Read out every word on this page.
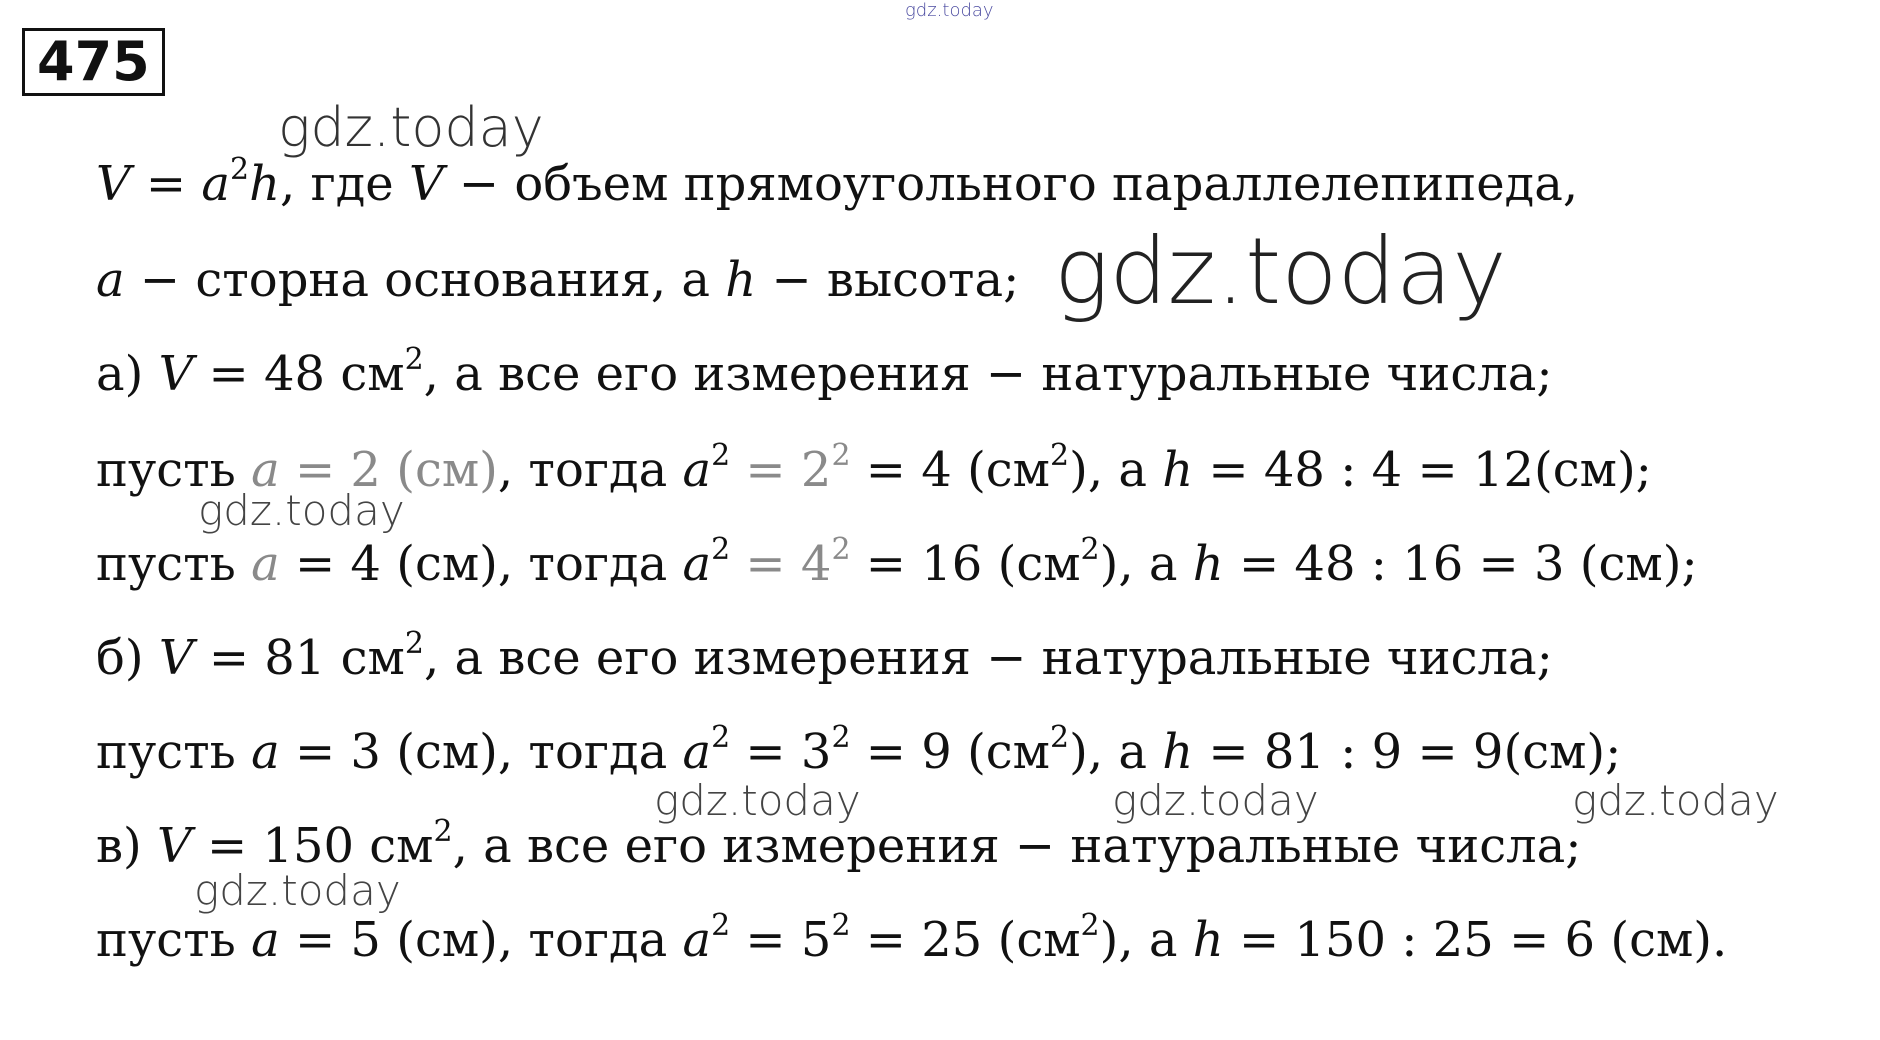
475
gdz.today
gdz.today
gdz.today
gdz.today
gdz.today	gdz.today	gdz.today
gdz.today
$V = a^2h$, где V − объем прямоугольного параллелепипеда,
a − сторна основания, а h − высота;
а) V = 48 $см^2$, а все его измерения − натуральные числа;
пусть a = 2 (см), тогда $a^2 = 2^2 = 4$ $(см^2)$, а h = 48 : 4 = 12(см);
пусть a = 4 (см), тогда $a^2 = 4^2 = 16$ $(см^2)$, а h = 48 : 16 = 3 (см);
б) V = 81 $см^2$, а все его измерения − натуральные числа;
пусть a = 3 (см), тогда $a^2 = 3^2 = 9$ $(см^2)$, а h = 81 : 9 = 9(см);
в) V = 150 $см^2$, а все его измерения − натуральные числа;
пусть a = 5 (см), тогда $a^2 = 5^2 = 25$ $(см^2)$, а h = 150 : 25 = 6 (см).
